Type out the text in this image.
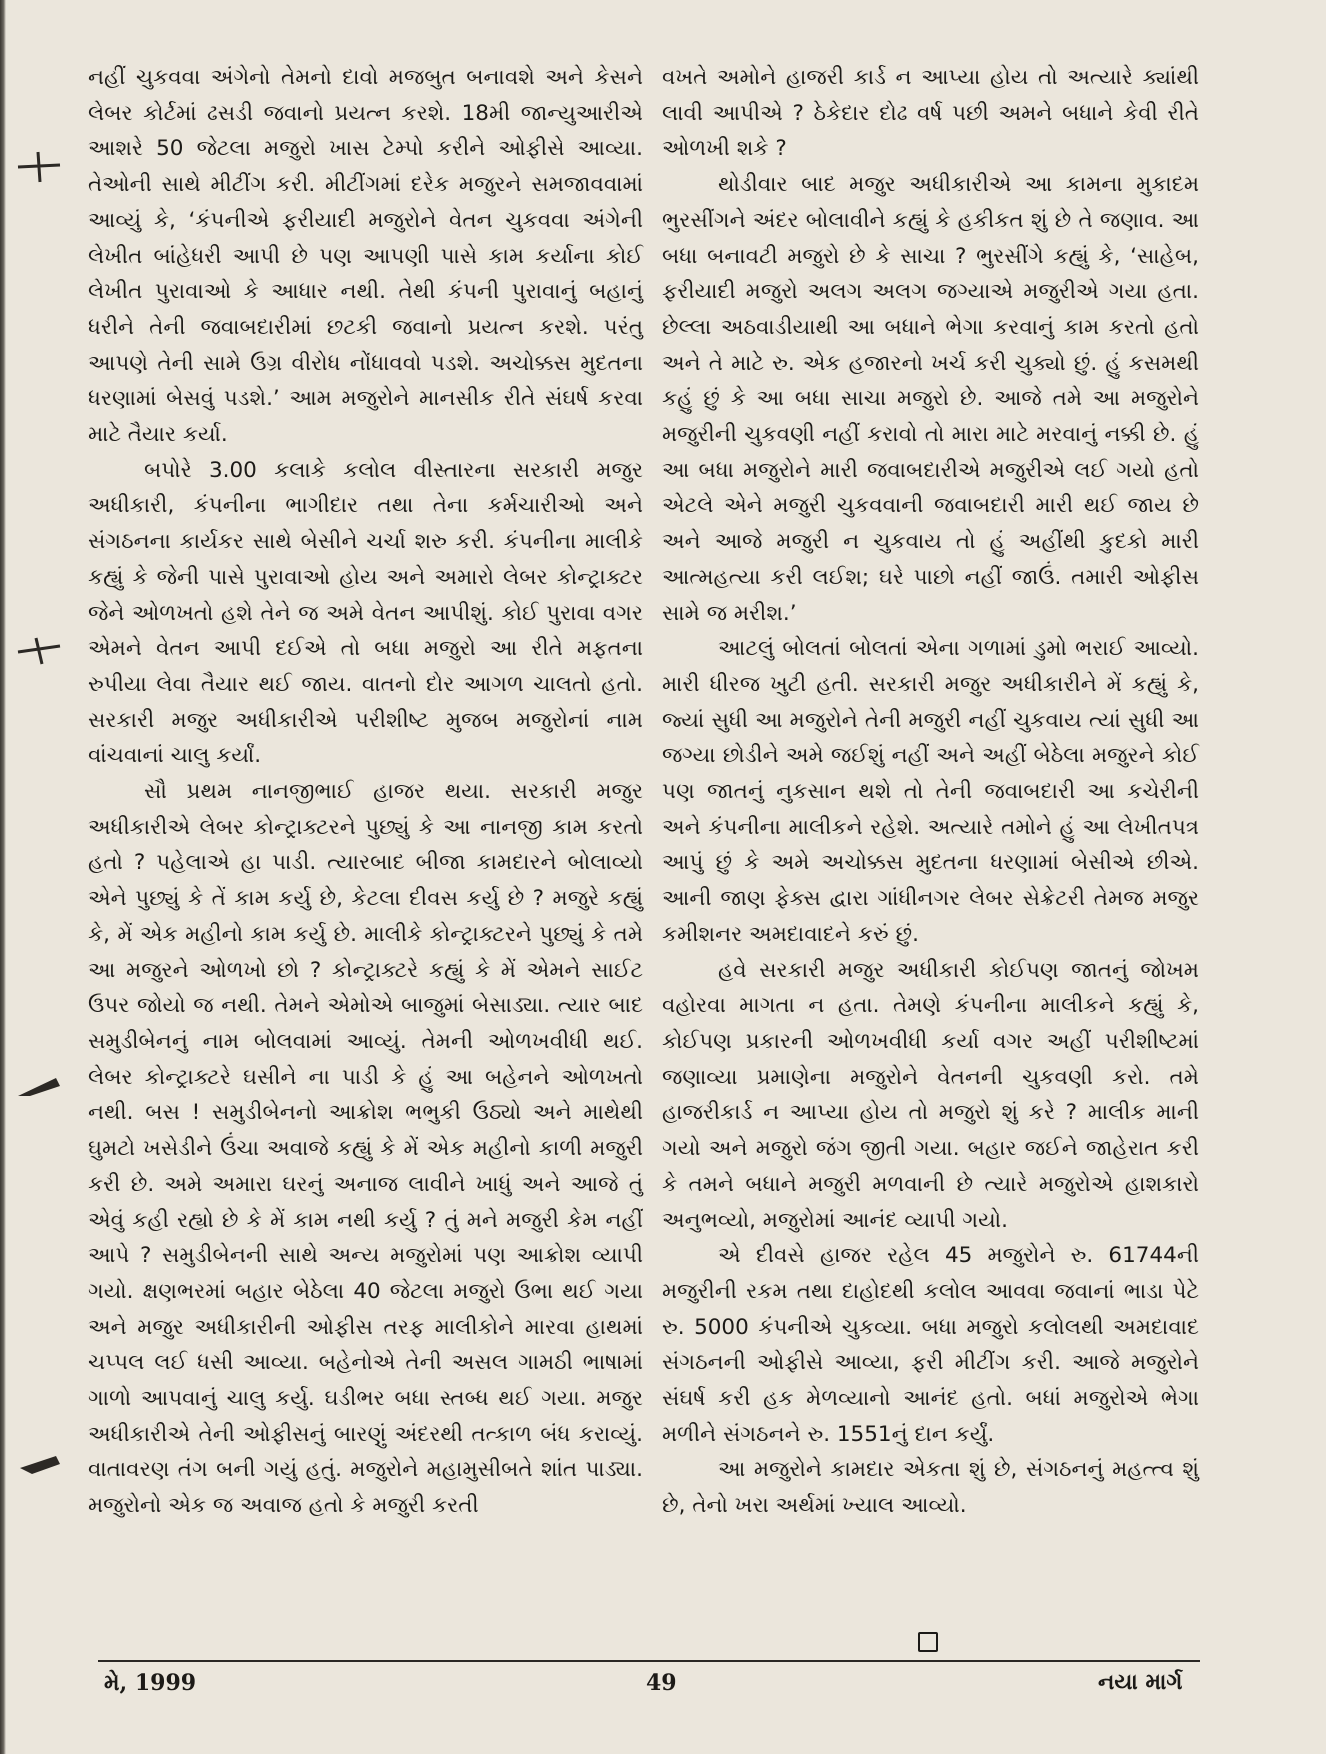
નહીં ચુકવવા અંગેનો તેમનો દાવો મજબુત બનાવશે અને કેસને લેબર કોર્ટમાં ઢસડી જવાનો પ્રયત્ન કરશે. 18મી જાન્યુઆરીએ આશરે 50 જેટલા મજુરો ખાસ ટેમ્પો કરીને ઓફીસે આવ્યા. તેઓની સાથે મીટીંગ કરી. મીટીંગમાં દરેક મજુરને સમજાવવામાં આવ્યું કે, ‘કંપનીએ ફરીયાદી મજુરોને વેતન ચુકવવા અંગેની લેખીત બાંહેધરી આપી છે પણ આપણી પાસે કામ કર્યાના કોઈ લેખીત પુરાવાઓ કે આધાર નથી. તેથી કંપની પુરાવાનું બહાનું ધરીને તેની જવાબદારીમાં છટકી જવાનો પ્રયત્ન કરશે. પરંતુ આપણે તેની સામે ઉગ્ર વીરોધ નોંધાવવો પડશે. અચોક્કસ મુદતના ધરણામાં બેસવું પડશે.’ આમ મજુરોને માનસીક રીતે સંઘર્ષ કરવા માટે તૈયાર કર્યા.

બપોરે 3.00 કલાકે કલોલ વીસ્તારના સરકારી મજુર અધીકારી, કંપનીના ભાગીદાર તથા તેના કર્મચારીઓ અને સંગઠનના કાર્યકર સાથે બેસીને ચર્ચા શરુ કરી. કંપનીના માલીકે કહ્યું કે જેની પાસે પુરાવાઓ હોય અને અમારો લેબર કોન્ટ્રાક્ટર જેને ઓળખતો હશે તેને જ અમે વેતન આપીશું. કોઈ પુરાવા વગર એમને વેતન આપી દઈએ તો બધા મજુરો આ રીતે મફતના રુપીયા લેવા તૈયાર થઈ જાય. વાતનો દોર આગળ ચાલતો હતો. સરકારી મજુર અધીકારીએ પરીશીષ્ટ મુજબ મજુરોનાં નામ વાંચવાનાં ચાલુ કર્યાં.

સૌ પ્રથમ નાનજીભાઈ હાજર થયા. સરકારી મજુર અધીકારીએ લેબર કોન્ટ્રાક્ટરને પુછ્યું કે આ નાનજી કામ કરતો હતો ? પહેલાએ હા પાડી. ત્યારબાદ બીજા કામદારને બોલાવ્યો એને પુછ્યું કે તેં કામ કર્યુ છે, કેટલા દીવસ કર્યુ છે ? મજુરે કહ્યું કે, મેં એક મહીનો કામ કર્યુ છે. માલીકે કોન્ટ્રાક્ટરને પુછ્યું કે તમે આ મજુરને ઓળખો છો ? કોન્ટ્રાક્ટરે કહ્યું કે મેં એમને સાઈટ ઉપર જોયો જ નથી. તેમને એમોએ બાજુમાં બેસાડ્યા. ત્યાર બાદ સમુડીબેનનું નામ બોલવામાં આવ્યું. તેમની ઓળખવીધી થઈ. લેબર કોન્ટ્રાક્ટરે ઘસીને ના પાડી કે હું આ બહેનને ઓળખતો નથી. બસ ! સમુડીબેનનો આક્રોશ ભભુકી ઉઠ્યો અને માથેથી ઘુમટો ખસેડીને ઉંચા અવાજે કહ્યું કે મેં એક મહીનો કાળી મજુરી કરી છે. અમે અમારા ઘરનું અનાજ લાવીને ખાધું અને આજે તું એવું કહી રહ્યો છે કે મેં કામ નથી કર્યુ ? તું મને મજુરી કેમ નહીં આપે ? સમુડીબેનની સાથે અન્ય મજુરોમાં પણ આક્રોશ વ્યાપી ગયો. ક્ષણભરમાં બહાર બેઠેલા 40 જેટલા મજુરો ઉભા થઈ ગયા અને મજુર અધીકારીની ઓફીસ તરફ માલીકોને મારવા હાથમાં ચપ્પલ લઈ ધસી આવ્યા. બહેનોએ તેની અસલ ગામઠી ભાષામાં ગાળો આપવાનું ચાલુ કર્યુ. ઘડીભર બધા સ્તબ્ધ થઈ ગયા. મજુર અધીકારીએ તેની ઓફીસનું બારણું અંદરથી તત્કાળ બંધ કરાવ્યું. વાતાવરણ તંગ બની ગયું હતું. મજુરોને મહામુસીબતે શાંત પાડ્યા. મજુરોનો એક જ અવાજ હતો કે મજુરી કરતી

વખતે અમોને હાજરી કાર્ડ ન આપ્યા હોય તો અત્યારે ક્યાંથી લાવી આપીએ ? ઠેકેદાર દોઢ વર્ષ પછી અમને બધાને કેવી રીતે ઓળખી શકે ?

થોડીવાર બાદ મજુર અધીકારીએ આ કામના મુકાદમ ભુરસીંગને અંદર બોલાવીને કહ્યું કે હકીકત શું છે તે જણાવ. આ બધા બનાવટી મજુરો છે કે સાચા ? ભુરસીંગે કહ્યું કે, ‘સાહેબ, ફરીયાદી મજુરો અલગ અલગ જગ્યાએ મજુરીએ ગયા હતા. છેલ્લા અઠવાડીયાથી આ બધાને ભેગા કરવાનું કામ કરતો હતો અને તે માટે રુ. એક હજારનો ખર્ચ કરી ચુક્યો છું. હું કસમથી કહું છું કે આ બધા સાચા મજુરો છે. આજે તમે આ મજુરોને મજુરીની ચુકવણી નહીં કરાવો તો મારા માટે મરવાનું નક્કી છે. હું આ બધા મજુરોને મારી જવાબદારીએ મજુરીએ લઈ ગયો હતો એટલે એને મજુરી ચુકવવાની જવાબદારી મારી થઈ જાય છે અને આજે મજુરી ન ચુકવાય તો હું અહીંથી કુદકો મારી આત્મહત્યા કરી લઈશ; ઘરે પાછો નહીં જાઉં. તમારી ઓફીસ સામે જ મરીશ.’

આટલું બોલતાં બોલતાં એના ગળામાં ડુમો ભરાઈ આવ્યો. મારી ધીરજ ખુટી હતી. સરકારી મજુર અધીકારીને મેં કહ્યું કે, જ્યાં સુધી આ મજુરોને તેની મજુરી નહીં ચુકવાય ત્યાં સુધી આ જગ્યા છોડીને અમે જઈશું નહીં અને અહીં બેઠેલા મજુરને કોઈ પણ જાતનું નુકસાન થશે તો તેની જવાબદારી આ કચેરીની અને કંપનીના માલીકને રહેશે. અત્યારે તમોને હું આ લેખીતપત્ર આપું છું કે અમે અચોક્કસ મુદતના ધરણામાં બેસીએ છીએ. આની જાણ ફેક્સ દ્વારા ગાંધીનગર લેબર સેક્રેટરી તેમજ મજુર કમીશનર અમદાવાદને કરું છું.

હવે સરકારી મજુર અધીકારી કોઈપણ જાતનું જોખમ વહોરવા માગતા ન હતા. તેમણે કંપનીના માલીકને કહ્યું કે, કોઈપણ પ્રકારની ઓળખવીધી કર્યા વગર અહીં પરીશીષ્ટમાં જણાવ્યા પ્રમાણેના મજુરોને વેતનની ચુકવણી કરો. તમે હાજરીકાર્ડ ન આપ્યા હોય તો મજુરો શું કરે ? માલીક માની ગયો અને મજુરો જંગ જીતી ગયા. બહાર જઈને જાહેરાત કરી કે તમને બધાને મજુરી મળવાની છે ત્યારે મજુરોએ હાશકારો અનુભવ્યો, મજુરોમાં આનંદ વ્યાપી ગયો.

એ દીવસે હાજર રહેલ 45 મજુરોને રુ. 61744ની મજુરીની રકમ તથા દાહોદથી કલોલ આવવા જવાનાં ભાડા પેટે રુ. 5000 કંપનીએ ચુકવ્યા. બધા મજુરો કલોલથી અમદાવાદ સંગઠનની ઓફીસે આવ્યા, ફરી મીટીંગ કરી. આજે મજુરોને સંઘર્ષ કરી હક મેળવ્યાનો આનંદ હતો. બધાં મજુરોએ ભેગા મળીને સંગઠનને રુ. 1551નું દાન કર્યું.

આ મજુરોને કામદાર એકતા શું છે, સંગઠનનું મહત્ત્વ શું છે, તેનો ખરા અર્થમાં ખ્યાલ આવ્યો.

મે, 1999	49	નયા માર્ગ
